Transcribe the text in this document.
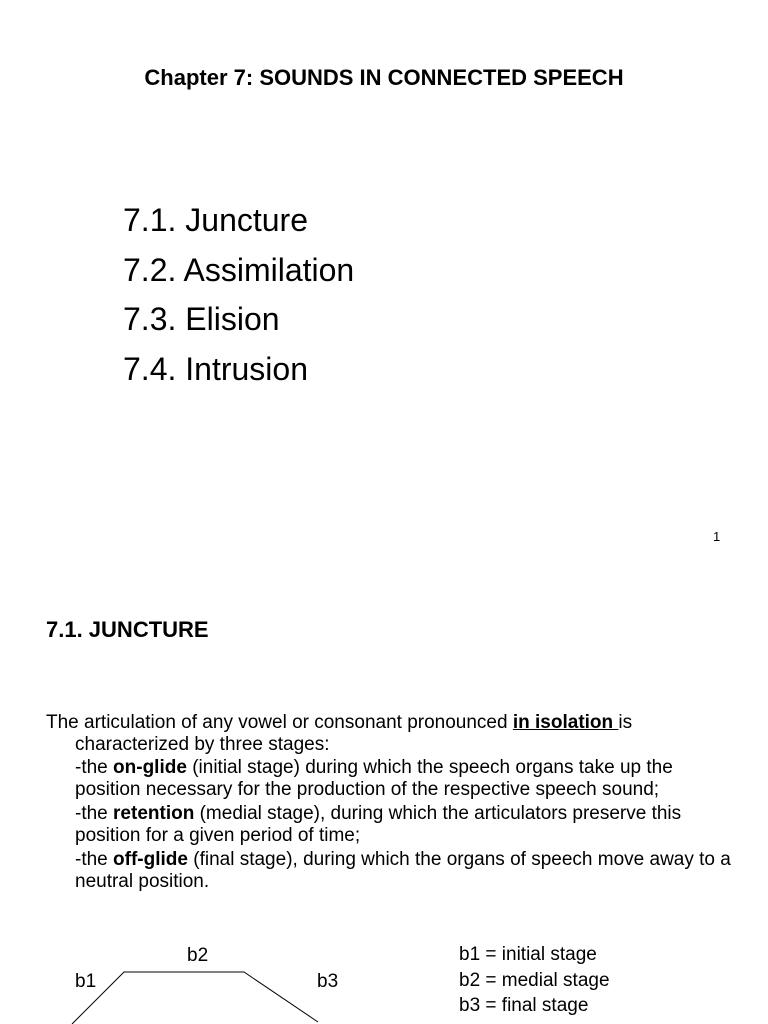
Chapter 7: SOUNDS IN CONNECTED SPEECH
7.1. Juncture
7.2. Assimilation
7.3. Elision
7.4. Intrusion
1
7.1. JUNCTURE

The articulation of any vowel or consonant pronounced in isolation is characterized by three stages:

-the on-glide (initial stage) during which the speech organs take up the position necessary for the production of the respective speech sound;

-the retention (medial stage), during which the articulators preserve this position for a given period of time;

-the off-glide (final stage), during which the organs of speech move away to a neutral position.

b2
b1	b3
b1 = initial stage
b2 = medial stage
b3 = final stage
